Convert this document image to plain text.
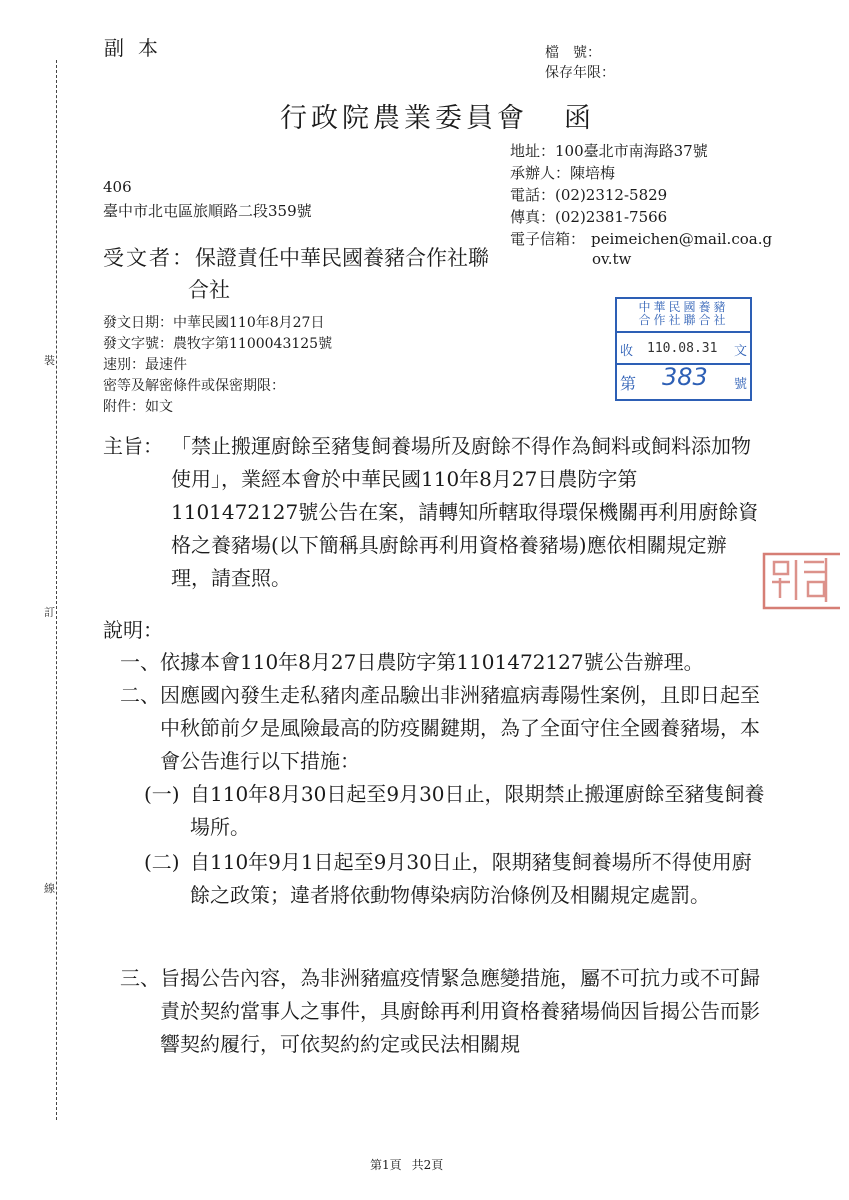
裝
訂
線
副本	檔　號：
保存年限：
行政院農業委員會 函
地址：100臺北市南海路37號
承辦人：陳培梅
電話：(02)2312-5829
傳真：(02)2381-7566
電子信箱： peimeichen@mail.coa.g
ov.tw
406
臺中市北屯區旅順路二段359號
受文者：保證責任中華民國養豬合作社聯
合社
發文日期：中華民國110年8月27日
發文字號：農牧字第1100043125號
速別：最速件
密等及解密條件或保密期限：
附件：如文
中華民國養豬
合作社聯合社
收 110.08.31 文
第 383 號
主旨： 「禁止搬運廚餘至豬隻飼養場所及廚餘不得作為飼料或飼料添加物使用」，業經本會於中華民國110年8月27日農防字第1101472127號公告在案，請轉知所轄取得環保機關再利用廚餘資格之養豬場(以下簡稱具廚餘再利用資格養豬場)應依相關規定辦理，請查照。
說明：
一、 依據本會110年8月27日農防字第1101472127號公告辦理。
二、 因應國內發生走私豬肉產品驗出非洲豬瘟病毒陽性案例，且即日起至中秋節前夕是風險最高的防疫關鍵期，為了全面守住全國養豬場，本會公告進行以下措施：
(一) 自110年8月30日起至9月30日止，限期禁止搬運廚餘至豬隻飼養場所。
(二) 自110年9月1日起至9月30日止，限期豬隻飼養場所不得使用廚餘之政策；違者將依動物傳染病防治條例及相關規定處罰。
三、 旨揭公告內容，為非洲豬瘟疫情緊急應變措施，屬不可抗力或不可歸責於契約當事人之事件，具廚餘再利用資格養豬場倘因旨揭公告而影響契約履行，可依契約約定或民法相關規
第1頁 共2頁
